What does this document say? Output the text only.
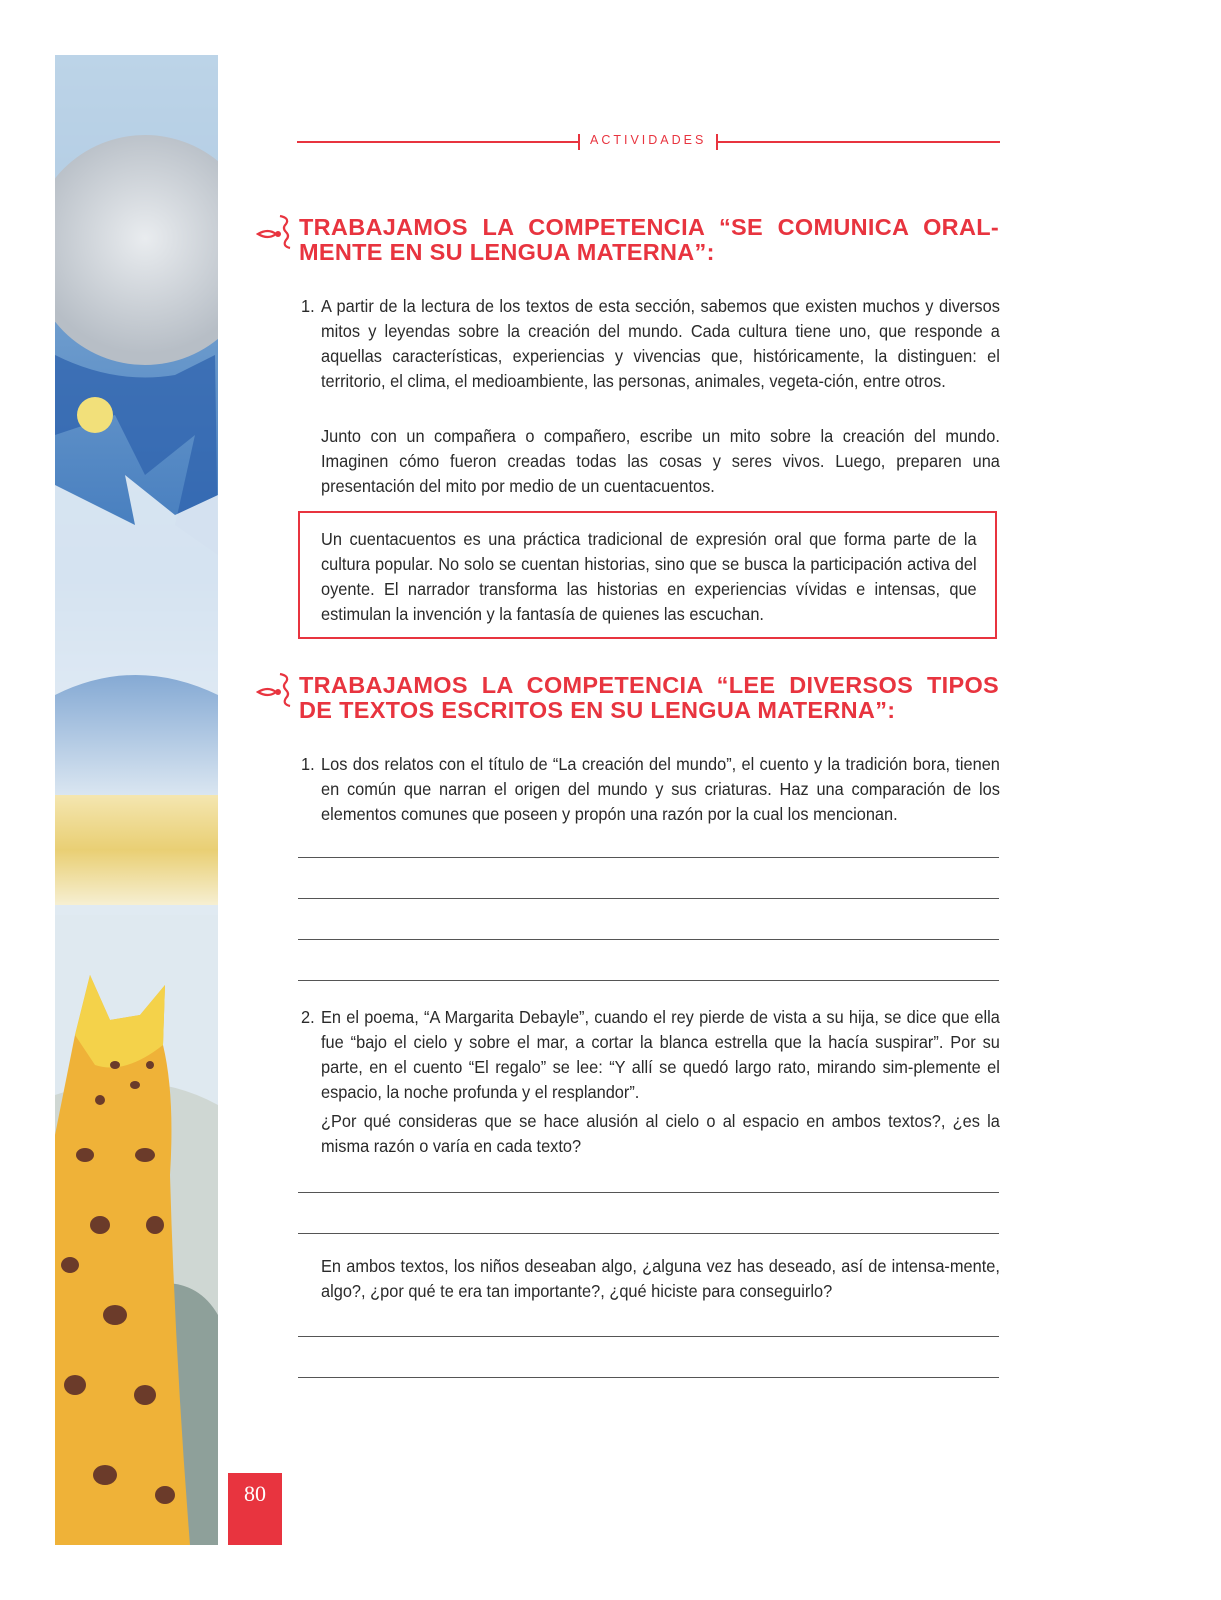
80
ACTIVIDADES
TRABAJAMOS LA COMPETENCIA “SE COMUNICA ORAL-
MENTE EN SU LENGUA MATERNA”:
1. A partir de la lectura de los textos de esta sección, sabemos que existen muchos y diversos mitos y leyendas sobre la creación del mundo. Cada cultura tiene uno, que responde a aquellas características, experiencias y vivencias que, históricamente, la distinguen: el territorio, el clima, el medioambiente, las personas, animales, vegeta-ción, entre otros.
Junto con un compañera o compañero, escribe un mito sobre la creación del mundo. Imaginen cómo fueron creadas todas las cosas y seres vivos. Luego, preparen una presentación del mito por medio de un cuentacuentos.
Un cuentacuentos es una práctica tradicional de expresión oral que forma parte de la cultura popular. No solo se cuentan historias, sino que se busca la participación activa del oyente. El narrador transforma las historias en experiencias vívidas e intensas, que estimulan la invención y la fantasía de quienes las escuchan.
TRABAJAMOS LA COMPETENCIA “LEE DIVERSOS TIPOS
DE TEXTOS ESCRITOS EN SU LENGUA MATERNA”:
1. Los dos relatos con el título de “La creación del mundo”, el cuento y la tradición bora, tienen en común que narran el origen del mundo y sus criaturas. Haz una comparación de los elementos comunes que poseen y propón una razón por la cual los mencionan.
2. En el poema, “A Margarita Debayle”, cuando el rey pierde de vista a su hija, se dice que ella fue “bajo el cielo y sobre el mar, a cortar la blanca estrella que la hacía suspirar”. Por su parte, en el cuento “El regalo” se lee: “Y allí se quedó largo rato, mirando sim-plemente el espacio, la noche profunda y el resplandor”.
¿Por qué consideras que se hace alusión al cielo o al espacio en ambos textos?, ¿es la misma razón o varía en cada texto?
En ambos textos, los niños deseaban algo, ¿alguna vez has deseado, así de intensa-mente, algo?, ¿por qué te era tan importante?, ¿qué hiciste para conseguirlo?
